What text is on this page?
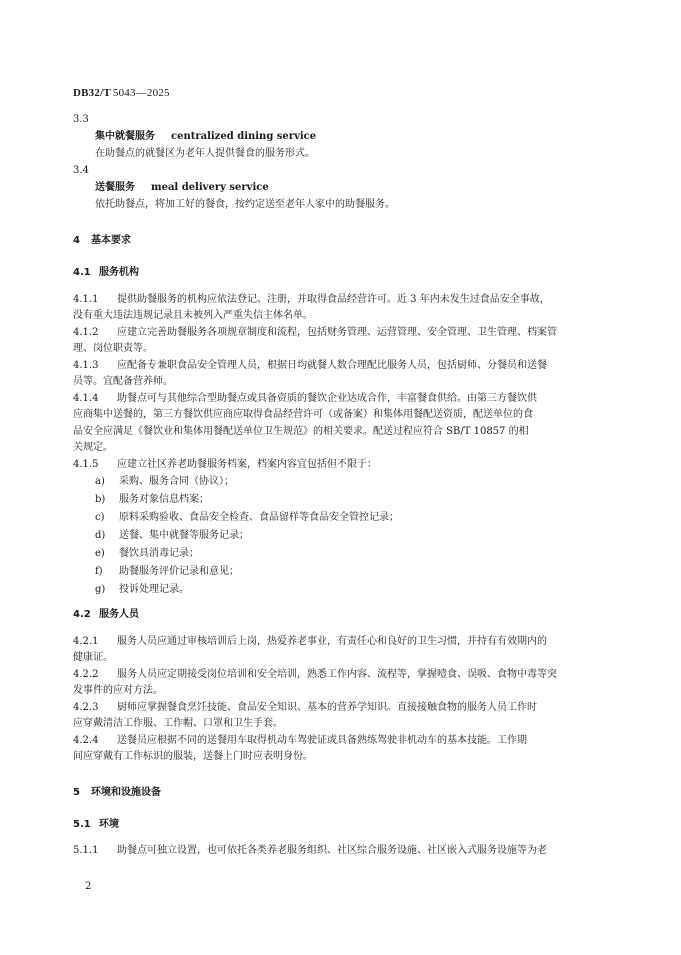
DB32/T 5043—2025
3.3
集中就餐服务 centralized dining service
在助餐点的就餐区为老年人提供餐食的服务形式。
3.4
送餐服务 meal delivery service
依托助餐点，将加工好的餐食，按约定送至老年人家中的助餐服务。
4 基本要求
4.1 服务机构
4.1.1 提供助餐服务的机构应依法登记、注册，并取得食品经营许可。近 3 年内未发生过食品安全事故，
没有重大违法违规记录且未被列入严重失信主体名单。
4.1.2 应建立完善助餐服务各项规章制度和流程，包括财务管理、运营管理、安全管理、卫生管理、档案管
理、岗位职责等。
4.1.3 应配备专兼职食品安全管理人员，根据日均就餐人数合理配比服务人员，包括厨师、分餐员和送餐
员等。宜配备营养师。
4.1.4 助餐点可与其他综合型助餐点或具备资质的餐饮企业达成合作，丰富餐食供给。由第三方餐饮供
应商集中送餐的，第三方餐饮供应商应取得食品经营许可（或备案）和集体用餐配送资质，配送单位的食
品安全应满足《餐饮业和集体用餐配送单位卫生规范》的相关要求。配送过程应符合 SB/T 10857 的相
关规定。
4.1.5 应建立社区养老助餐服务档案，档案内容宜包括但不限于：
a) 采购、服务合同（协议）；
b) 服务对象信息档案；
c) 原料采购验收、食品安全检查、食品留样等食品安全管控记录；
d) 送餐、集中就餐等服务记录；
e) 餐饮具消毒记录；
f) 助餐服务评价记录和意见；
g) 投诉处理记录。
4.2 服务人员
4.2.1 服务人员应通过审核培训后上岗，热爱养老事业，有责任心和良好的卫生习惯，并持有有效期内的
健康证。
4.2.2 服务人员应定期接受岗位培训和安全培训，熟悉工作内容、流程等，掌握噎食、误吸、食物中毒等突
发事件的应对方法。
4.2.3 厨师应掌握餐食烹饪技能、食品安全知识、基本的营养学知识。直接接触食物的服务人员工作时
应穿戴清洁工作服、工作帽、口罩和卫生手套。
4.2.4 送餐员应根据不同的送餐用车取得机动车驾驶证或具备熟练驾驶非机动车的基本技能。工作期
间应穿戴有工作标识的服装，送餐上门时应表明身份。
5 环境和设施设备
5.1 环境
5.1.1 助餐点可独立设置，也可依托各类养老服务组织、社区综合服务设施、社区嵌入式服务设施等为老
2
